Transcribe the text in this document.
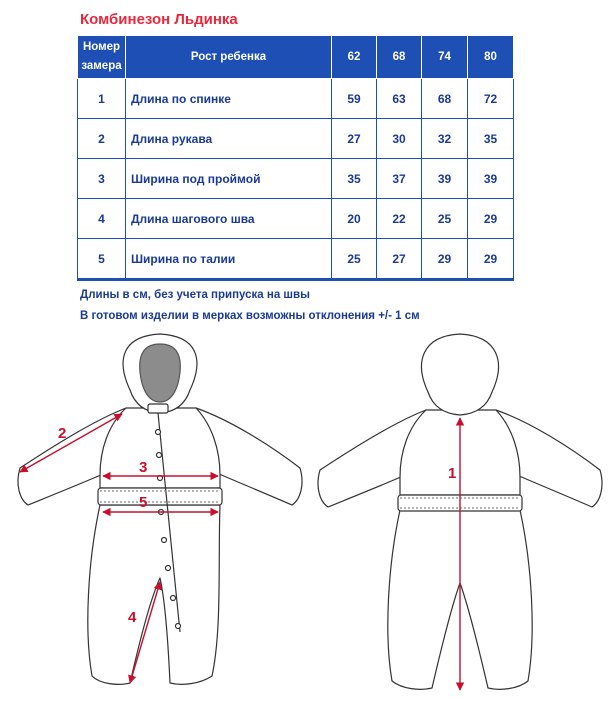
Комбинезон Льдинка
Номер
замера	Рост ребенка	62	68	74	80
1	Длина по спинке	59	63	68	72
2	Длина рукава	27	30	32	35
3	Ширина под проймой	35	37	39	39
4	Длина шагового шва	20	22	25	29
5	Ширина по талии	25	27	29	29

Длины в см, без учета припуска на швы

В готовом изделии в мерках возможны отклонения +/- 1 см

2
3
5
4
1
